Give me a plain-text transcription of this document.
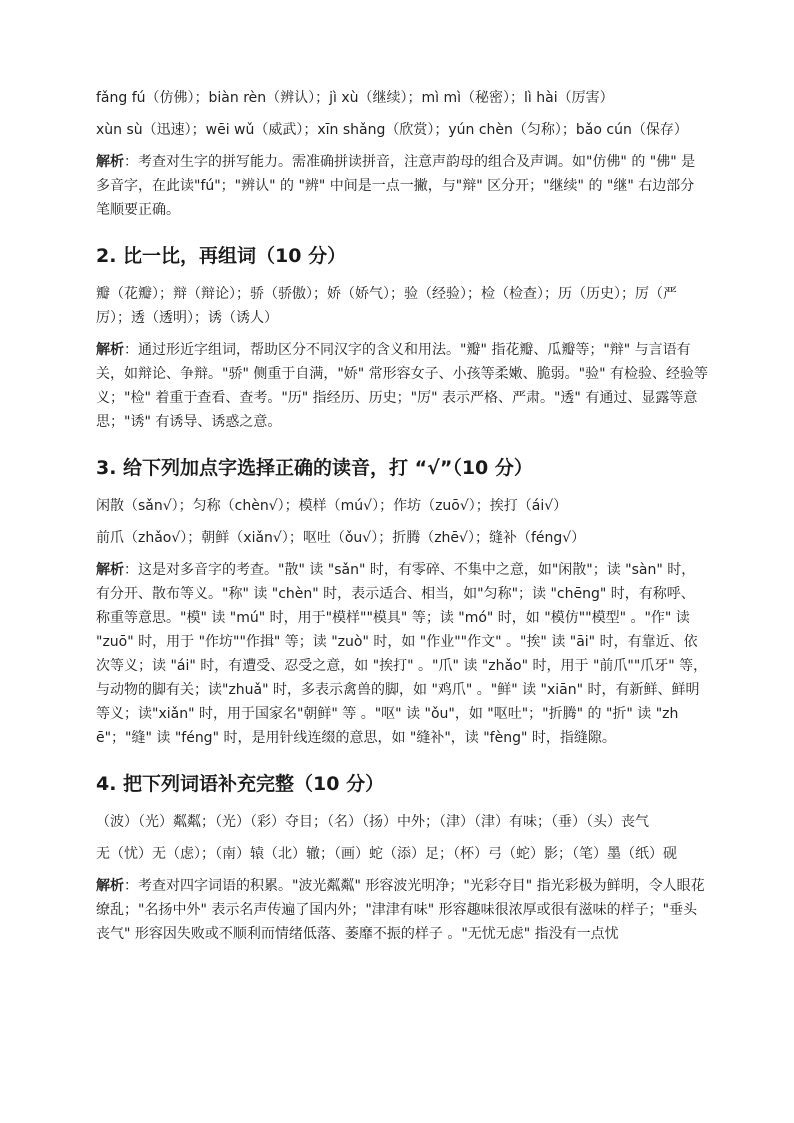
fǎng fú（仿佛）；biàn rèn（辨认）；jì xù（继续）；mì mì（秘密）；lì hài（厉害）

xùn sù（迅速）；wēi wǔ（威武）；xīn shǎng（欣赏）；yún chèn（匀称）；bǎo cún（保存）

解析：考查对生字的拼写能力。需准确拼读拼音，注意声韵母的组合及声调。如"仿佛" 的 "佛" 是多音字，在此读"fú"；"辨认" 的 "辨" 中间是一点一撇，与"辩" 区分开；"继续" 的 "继" 右边部分笔顺要正确。

2. 比一比，再组词（10 分）

瓣（花瓣）；辩（辩论）；骄（骄傲）；娇（娇气）；验（经验）；检（检查）；历（历史）；厉（严厉）；透（透明）；诱（诱人）

解析：通过形近字组词，帮助区分不同汉字的含义和用法。"瓣" 指花瓣、瓜瓣等；"辩" 与言语有关，如辩论、争辩。"骄" 侧重于自满，"娇" 常形容女子、小孩等柔嫩、脆弱。"验" 有检验、经验等义；"检" 着重于查看、查考。"历" 指经历、历史；"厉" 表示严格、严肃。"透" 有通过、显露等意思；"诱" 有诱导、诱惑之意。

3. 给下列加点字选择正确的读音，打 “√”（10 分）

闲散（sǎn√）；匀称（chèn√）；模样（mú√）；作坊（zuō√）；挨打（ái√）

前爪（zhǎo√）；朝鲜（xiǎn√）；呕吐（ǒu√）；折腾（zhē√）；缝补（féng√）

解析：这是对多音字的考查。"散" 读 "sǎn" 时，有零碎、不集中之意，如"闲散"；读 "sàn" 时，有分开、散布等义。"称" 读 "chèn" 时，表示适合、相当，如"匀称"；读 "chēng" 时，有称呼、称重等意思。"模" 读 "mú" 时，用于"模样""模具" 等；读 "mó" 时，如 "模仿""模型" 。"作" 读 "zuō" 时，用于 "作坊""作揖" 等；读 "zuò" 时，如 "作业""作文" 。"挨" 读 "āi" 时，有靠近、依次等义；读 "ái" 时，有遭受、忍受之意，如 "挨打" 。"爪" 读 "zhǎo" 时，用于 "前爪""爪牙" 等，与动物的脚有关；读"zhuǎ" 时，多表示禽兽的脚，如 "鸡爪" 。"鲜" 读 "xiān" 时，有新鲜、鲜明等义；读"xiǎn" 时，用于国家名"朝鲜" 等 。"呕" 读 "ǒu"，如 "呕吐"；"折腾" 的 "折" 读 "zhē"；"缝" 读 "féng" 时，是用针线连缀的意思，如 "缝补"，读 "fèng" 时，指缝隙。

4. 把下列词语补充完整（10 分）

（波）（光）粼粼；（光）（彩）夺目；（名）（扬）中外；（津）（津）有味；（垂）（头）丧气

无（忧）无（虑）；（南）辕（北）辙；（画）蛇（添）足；（杯）弓（蛇）影；（笔）墨（纸）砚

解析：考查对四字词语的积累。"波光粼粼" 形容波光明净；"光彩夺目" 指光彩极为鲜明，令人眼花缭乱；"名扬中外" 表示名声传遍了国内外；"津津有味" 形容趣味很浓厚或很有滋味的样子；"垂头丧气" 形容因失败或不顺利而情绪低落、萎靡不振的样子 。"无忧无虑" 指没有一点忧
